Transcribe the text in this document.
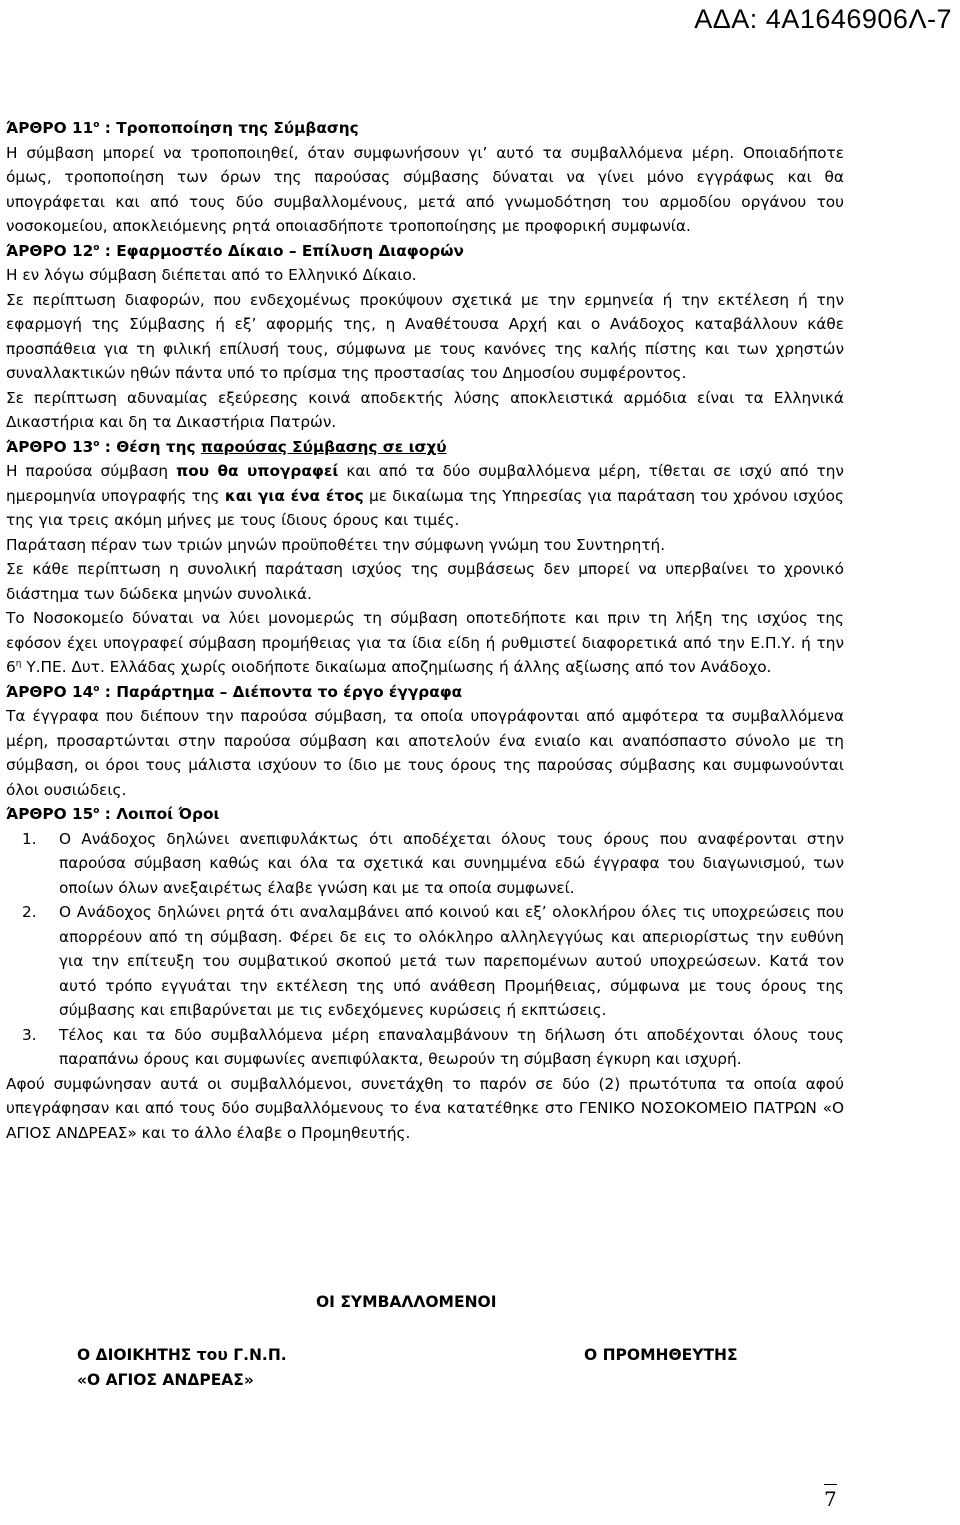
ΑΔΑ: 4Α1646906Λ-7

ΆΡΘΡΟ $11^o$ : Τροποποίηση της Σύμβασης

Η σύμβαση μπορεί να τροποποιηθεί, όταν συμφωνήσουν γι’ αυτό τα συμβαλλόμενα μέρη. Οποιαδήποτε όμως, τροποποίηση των όρων της παρούσας σύμβασης δύναται να γίνει μόνο εγγράφως και θα υπογράφεται και από τους δύο συμβαλλομένους, μετά από γνωμοδότηση του αρμοδίου οργάνου του νοσοκομείου, αποκλειόμενης ρητά οποιασδήποτε τροποποίησης με προφορική συμφωνία.

ΆΡΘΡΟ $12^o$ : Εφαρμοστέο Δίκαιο – Επίλυση Διαφορών

Η εν λόγω σύμβαση διέπεται από το Ελληνικό Δίκαιο.

Σε περίπτωση διαφορών, που ενδεχομένως προκύψουν σχετικά με την ερμηνεία ή την εκτέλεση ή την εφαρμογή της Σύμβασης ή εξ’ αφορμής της, η Αναθέτουσα Αρχή και ο Ανάδοχος καταβάλλουν κάθε προσπάθεια για τη φιλική επίλυσή τους, σύμφωνα με τους κανόνες της καλής πίστης και των χρηστών συναλλακτικών ηθών πάντα υπό το πρίσμα της προστασίας του Δημοσίου συμφέροντος.

Σε περίπτωση αδυναμίας εξεύρεσης κοινά αποδεκτής λύσης αποκλειστικά αρμόδια είναι τα Ελληνικά Δικαστήρια και δη τα Δικαστήρια Πατρών.

ΆΡΘΡΟ $13^o$ : Θέση της παρούσας Σύμβασης σε ισχύ

Η παρούσα σύμβαση που θα υπογραφεί και από τα δύο συμβαλλόμενα μέρη, τίθεται σε ισχύ από την ημερομηνία υπογραφής της και για ένα έτος με δικαίωμα της Υπηρεσίας για παράταση του χρόνου ισχύος της για τρεις ακόμη μήνες με τους ίδιους όρους και τιμές.

Παράταση πέραν των τριών μηνών προϋποθέτει την σύμφωνη γνώμη του Συντηρητή.

Σε κάθε περίπτωση η συνολική παράταση ισχύος της συμβάσεως δεν μπορεί να υπερβαίνει το χρονικό διάστημα των δώδεκα μηνών συνολικά.

Το Νοσοκομείο δύναται να λύει μονομερώς τη σύμβαση οποτεδήποτε και πριν τη λήξη της ισχύος της εφόσον έχει υπογραφεί σύμβαση προμήθειας για τα ίδια είδη ή ρυθμιστεί διαφορετικά από την Ε.Π.Υ. ή την $6^\eta$ Υ.ΠΕ. Δυτ. Ελλάδας χωρίς οιοδήποτε δικαίωμα αποζημίωσης ή άλλης αξίωσης από τον Ανάδοχο.

ΆΡΘΡΟ $14^o$ : Παράρτημα – Διέποντα το έργο έγγραφα

Τα έγγραφα που διέπουν την παρούσα σύμβαση, τα οποία υπογράφονται από αμφότερα τα συμβαλλόμενα μέρη, προσαρτώνται στην παρούσα σύμβαση και αποτελούν ένα ενιαίο και αναπόσπαστο σύνολο με τη σύμβαση, οι όροι τους μάλιστα ισχύουν το ίδιο με τους όρους της παρούσας σύμβασης και συμφωνούνται όλοι ουσιώδεις.

ΆΡΘΡΟ $15^o$ : Λοιποί Όροι

1. Ο Ανάδοχος δηλώνει ανεπιφυλάκτως ότι αποδέχεται όλους τους όρους που αναφέρονται στην παρούσα σύμβαση καθώς και όλα τα σχετικά και συνημμένα εδώ έγγραφα του διαγωνισμού, των οποίων όλων ανεξαιρέτως έλαβε γνώση και με τα οποία συμφωνεί.
2. Ο Ανάδοχος δηλώνει ρητά ότι αναλαμβάνει από κοινού και εξ’ ολοκλήρου όλες τις υποχρεώσεις που απορρέουν από τη σύμβαση. Φέρει δε εις το ολόκληρο αλληλεγγύως και απεριορίστως την ευθύνη για την επίτευξη του συμβατικού σκοπού μετά των παρεπομένων αυτού υποχρεώσεων. Κατά τον αυτό τρόπο εγγυάται την εκτέλεση της υπό ανάθεση Προμήθειας, σύμφωνα με τους όρους της σύμβασης και επιβαρύνεται με τις ενδεχόμενες κυρώσεις ή εκπτώσεις.
3. Τέλος και τα δύο συμβαλλόμενα μέρη επαναλαμβάνουν τη δήλωση ότι αποδέχονται όλους τους παραπάνω όρους και συμφωνίες ανεπιφύλακτα, θεωρούν τη σύμβαση έγκυρη και ισχυρή.

Αφού συμφώνησαν αυτά οι συμβαλλόμενοι, συνετάχθη το παρόν σε δύο (2) πρωτότυπα τα οποία αφού υπεγράφησαν και από τους δύο συμβαλλόμενους το ένα κατατέθηκε στο ΓΕΝΙΚΟ ΝΟΣΟΚΟΜΕΙΟ ΠΑΤΡΩΝ «Ο ΑΓΙΟΣ ΑΝΔΡΕΑΣ» και το άλλο έλαβε ο Προμηθευτής.

ΟΙ ΣΥΜΒΑΛΛΟΜΕΝΟΙ
Ο ΔΙΟΙΚΗΤΗΣ του Γ.Ν.Π.
«Ο ΑΓΙΟΣ ΑΝΔΡΕΑΣ»
Ο ΠΡΟΜΗΘΕΥΤΗΣ
7
